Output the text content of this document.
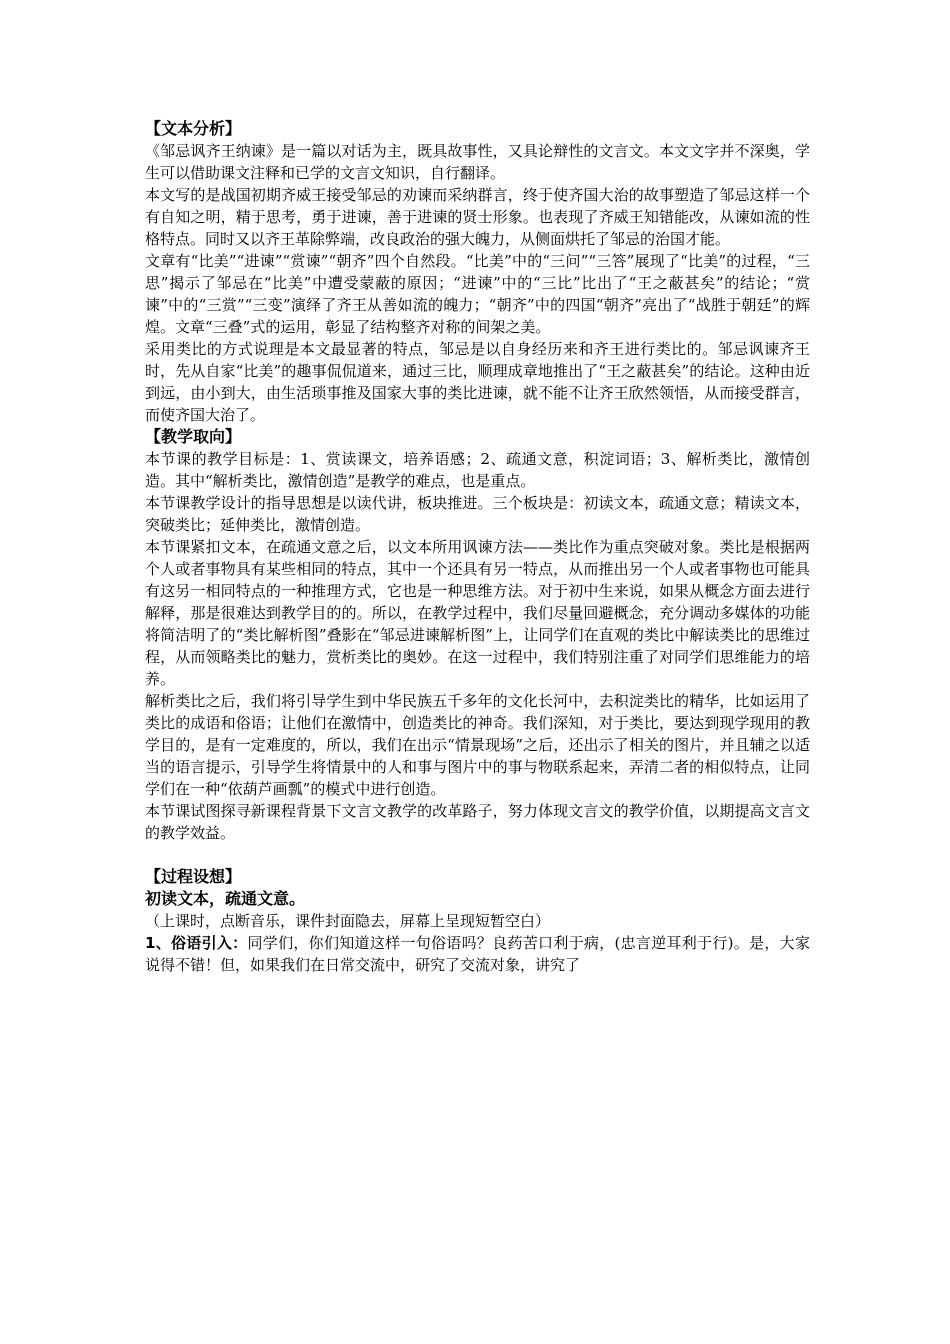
【文本分析】
《邹忌讽齐王纳谏》是一篇以对话为主，既具故事性，又具论辩性的文言文。本文文字并不深奥，学生可以借助课文注释和已学的文言文知识，自行翻译。
本文写的是战国初期齐威王接受邹忌的劝谏而采纳群言，终于使齐国大治的故事塑造了邹忌这样一个有自知之明，精于思考，勇于进谏，善于进谏的贤士形象。也表现了齐威王知错能改，从谏如流的性格特点。同时又以齐王革除弊端，改良政治的强大魄力，从侧面烘托了邹忌的治国才能。
文章有“比美”“进谏”“赏谏”“朝齐”四个自然段。“比美”中的“三问”“三答”展现了“比美”的过程，“三思”揭示了邹忌在“比美”中遭受蒙蔽的原因；“进谏”中的“三比”比出了“王之蔽甚矣”的结论；“赏谏”中的“三赏”“三变”演绎了齐王从善如流的魄力；“朝齐”中的四国“朝齐”亮出了“战胜于朝廷”的辉煌。文章“三叠”式的运用，彰显了结构整齐对称的间架之美。
采用类比的方式说理是本文最显著的特点，邹忌是以自身经历来和齐王进行类比的。邹忌讽谏齐王时，先从自家“比美”的趣事侃侃道来，通过三比，顺理成章地推出了“王之蔽甚矣”的结论。这种由近到远，由小到大，由生活琐事推及国家大事的类比进谏，就不能不让齐王欣然领悟，从而接受群言，而使齐国大治了。
【教学取向】
本节课的教学目标是：1、赏读课文，培养语感；2、疏通文意，积淀词语；3、解析类比，激情创造。其中“解析类比，激情创造”是教学的难点，也是重点。
本节课教学设计的指导思想是以读代讲，板块推进。三个板块是：初读文本，疏通文意；精读文本，突破类比；延伸类比，激情创造。
本节课紧扣文本，在疏通文意之后，以文本所用讽谏方法——类比作为重点突破对象。类比是根据两个人或者事物具有某些相同的特点，其中一个还具有另一特点，从而推出另一个人或者事物也可能具有这另一相同特点的一种推理方式，它也是一种思维方法。对于初中生来说，如果从概念方面去进行解释，那是很难达到教学目的的。所以，在教学过程中，我们尽量回避概念，充分调动多媒体的功能将简洁明了的“类比解析图”叠影在“邹忌进谏解析图”上，让同学们在直观的类比中解读类比的思维过程，从而领略类比的魅力，赏析类比的奥妙。在这一过程中，我们特别注重了对同学们思维能力的培养。
解析类比之后，我们将引导学生到中华民族五千多年的文化长河中，去积淀类比的精华，比如运用了类比的成语和俗语；让他们在激情中，创造类比的神奇。我们深知，对于类比，要达到现学现用的教学目的，是有一定难度的，所以，我们在出示“情景现场”之后，还出示了相关的图片，并且辅之以适当的语言提示，引导学生将情景中的人和事与图片中的事与物联系起来，弄清二者的相似特点，让同学们在一种“依葫芦画瓢”的模式中进行创造。
本节课试图探寻新课程背景下文言文教学的改革路子，努力体现文言文的教学价值，以期提高文言文的教学效益。
【过程设想】
初读文本，疏通文意。
（上课时，点断音乐，课件封面隐去，屏幕上呈现短暂空白）
1、俗语引入：同学们，你们知道这样一句俗语吗？良药苦口利于病，(忠言逆耳利于行)。是，大家说得不错！但，如果我们在日常交流中，研究了交流对象，讲究了
